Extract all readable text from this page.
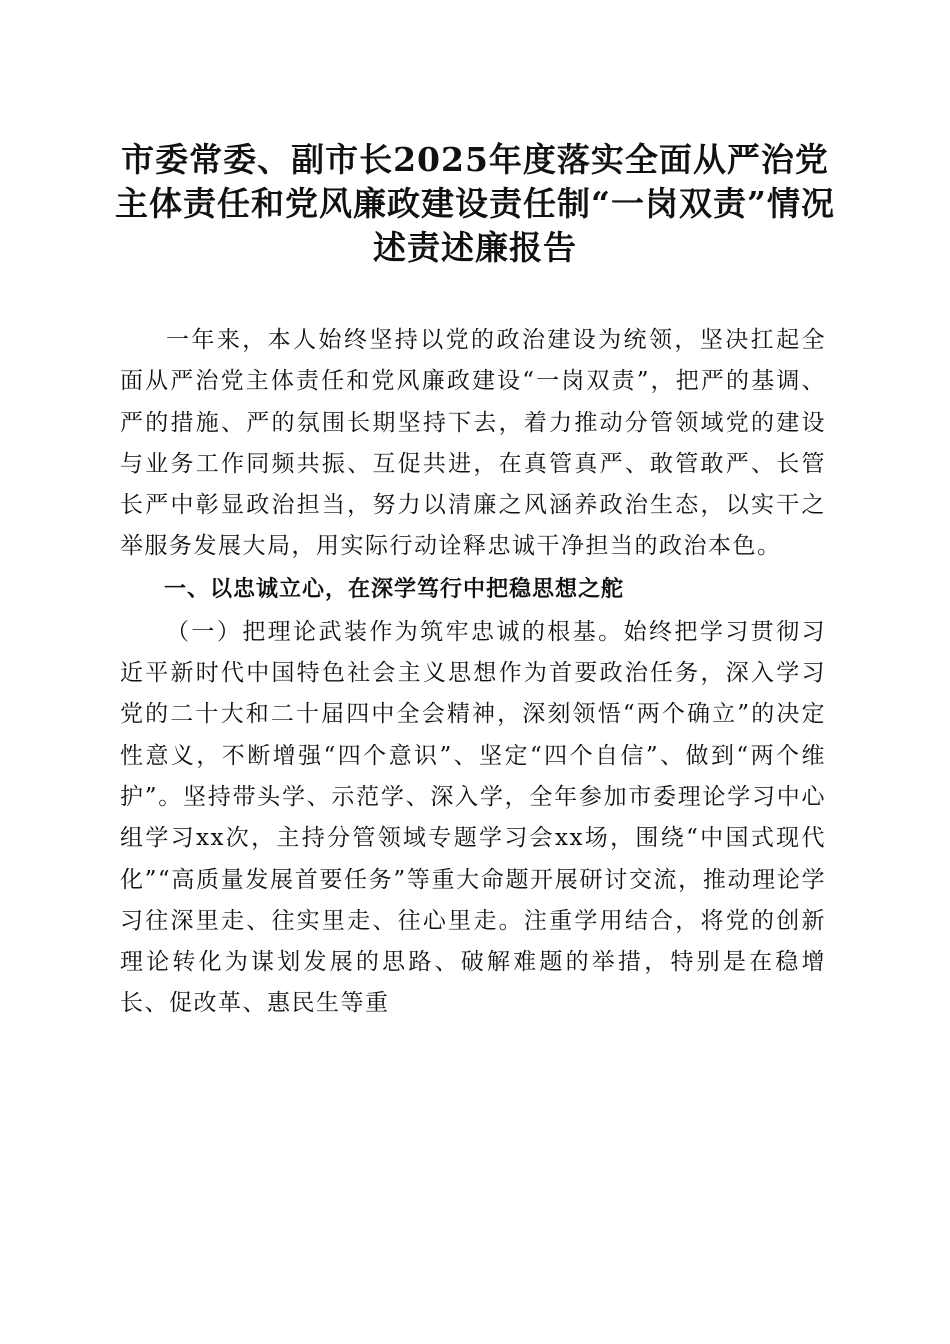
市委常委、副市长2025年度落实全面从严治党主体责任和党风廉政建设责任制“一岗双责”情况述责述廉报告

一年来，本人始终坚持以党的政治建设为统领，坚决扛起全面从严治党主体责任和党风廉政建设“一岗双责”，把严的基调、严的措施、严的氛围长期坚持下去，着力推动分管领域党的建设与业务工作同频共振、互促共进，在真管真严、敢管敢严、长管长严中彰显政治担当，努力以清廉之风涵养政治生态，以实干之举服务发展大局，用实际行动诠释忠诚干净担当的政治本色。

一、以忠诚立心，在深学笃行中把稳思想之舵

（一）把理论武装作为筑牢忠诚的根基。始终把学习贯彻习近平新时代中国特色社会主义思想作为首要政治任务，深入学习党的二十大和二十届四中全会精神，深刻领悟“两个确立”的决定性意义，不断增强“四个意识”、坚定“四个自信”、做到“两个维护”。坚持带头学、示范学、深入学，全年参加市委理论学习中心组学习xx次，主持分管领域专题学习会xx场，围绕“中国式现代化”“高质量发展首要任务”等重大命题开展研讨交流，推动理论学习往深里走、往实里走、往心里走。注重学用结合，将党的创新理论转化为谋划发展的思路、破解难题的举措，特别是在稳增长、促改革、惠民生等重
